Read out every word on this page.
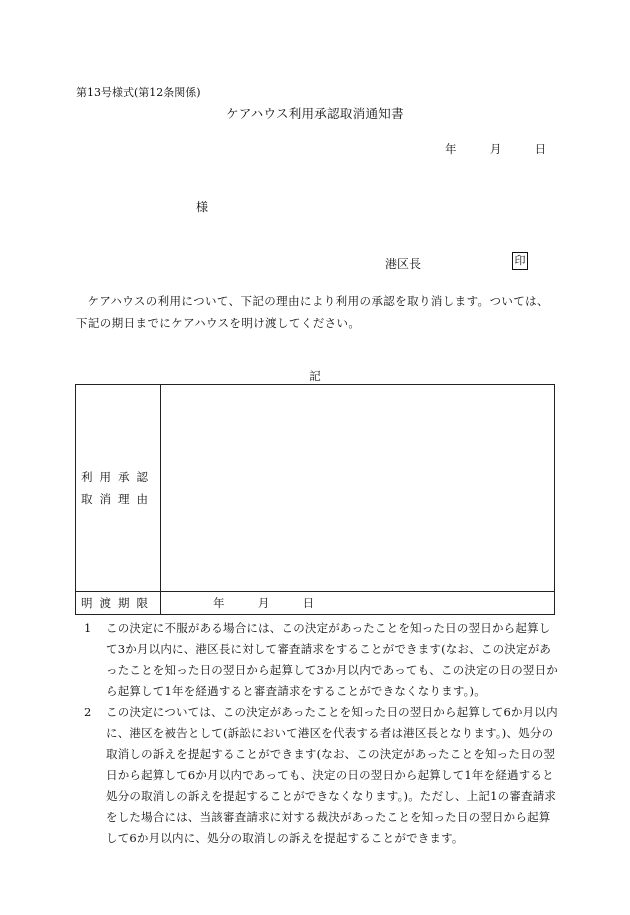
第13号様式(第12条関係)
ケアハウス利用承認取消通知書
年	月	日
様
港区長	印
ケアハウスの利用について、下記の理由により利用の承認を取り消します。ついては、下記の期日までにケアハウスを明け渡してください。
記
利用承認
取消理由	

明渡期限	年 月 日
1	この決定に不服がある場合には、この決定があったことを知った日の翌日から起算して3か月以内に、港区長に対して審査請求をすることができます(なお、この決定があったことを知った日の翌日から起算して3か月以内であっても、この決定の日の翌日から起算して1年を経過すると審査請求をすることができなくなります。)。
2	この決定については、この決定があったことを知った日の翌日から起算して6か月以内に、港区を被告として(訴訟において港区を代表する者は港区長となります。)、処分の取消しの訴えを提起することができます(なお、この決定があったことを知った日の翌日から起算して6か月以内であっても、決定の日の翌日から起算して1年を経過すると処分の取消しの訴えを提起することができなくなります。)。ただし、上記1の審査請求をした場合には、当該審査請求に対する裁決があったことを知った日の翌日から起算して6か月以内に、処分の取消しの訴えを提起することができます。
